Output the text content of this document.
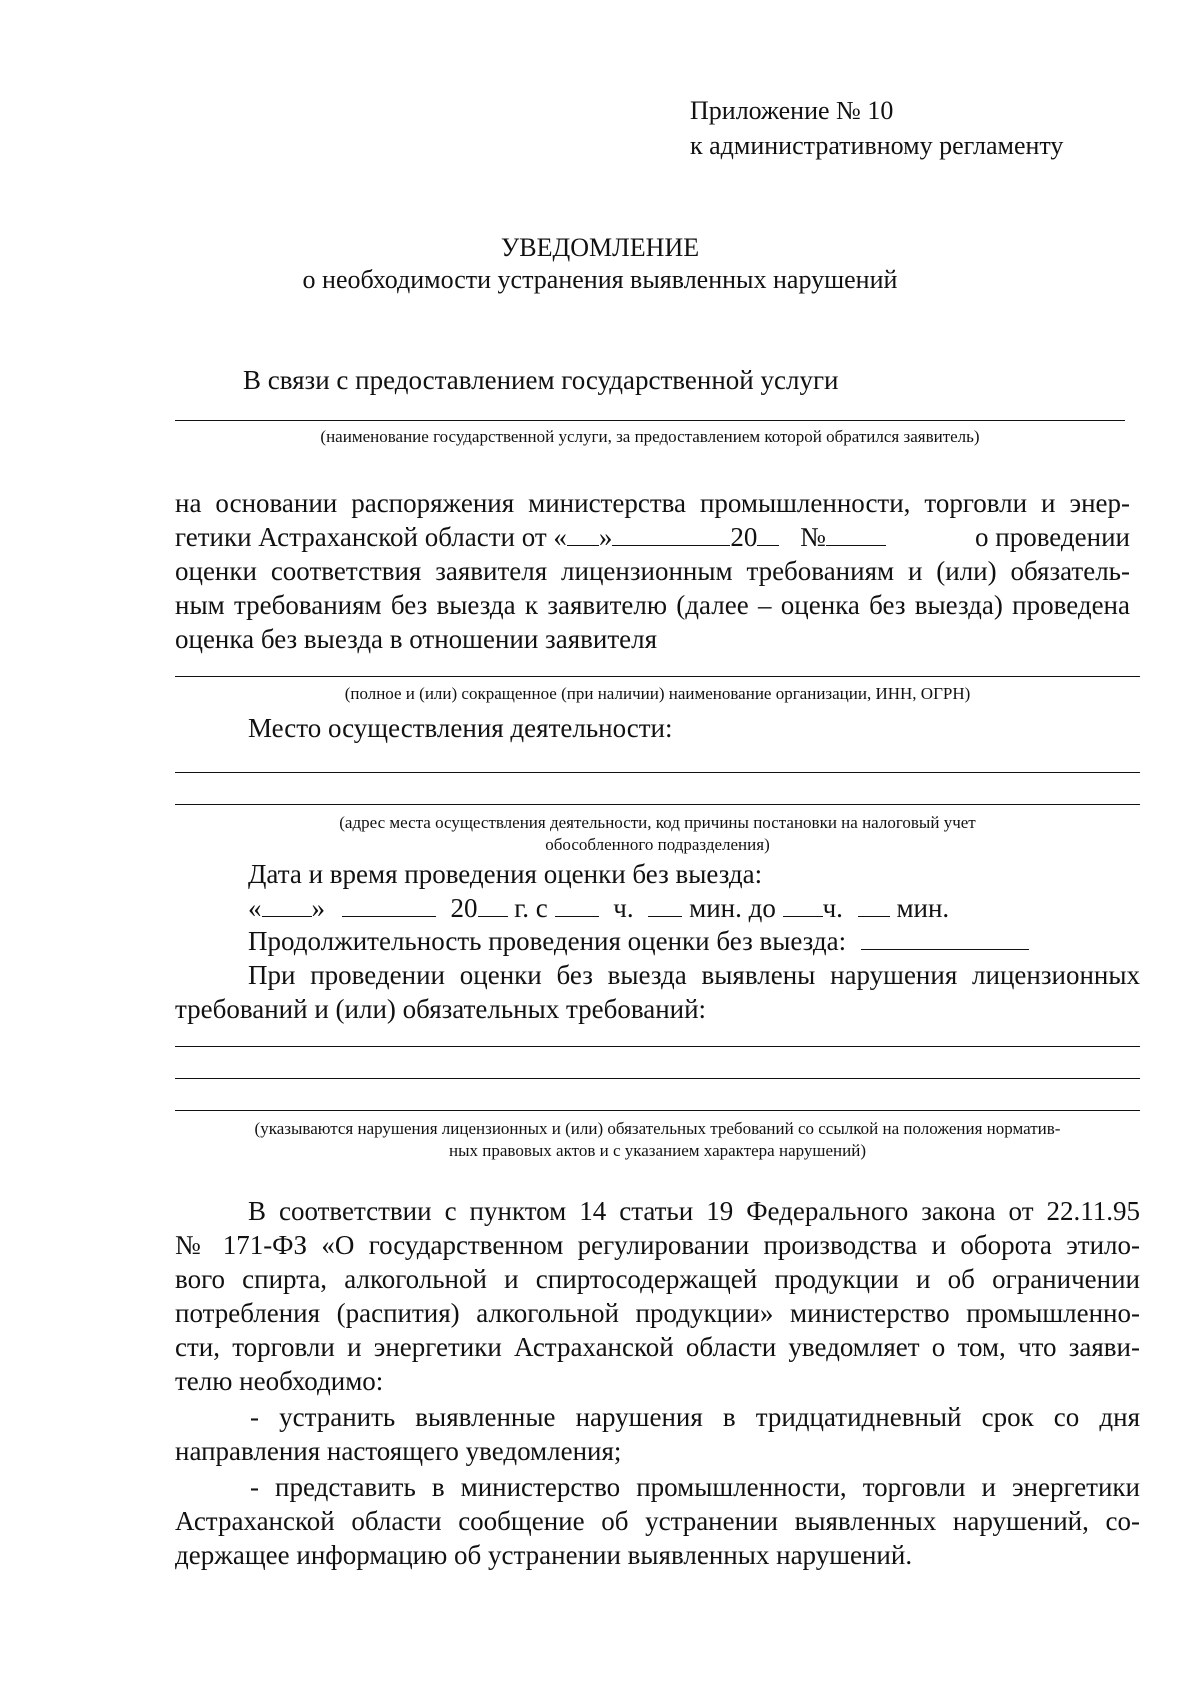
Приложение № 10
к административному регламенту
УВЕДОМЛЕНИЕ
о необходимости устранения выявленных нарушений
В связи с предоставлением государственной услуги
(наименование государственной услуги, за предоставлением которой обратился заявитель)
на основании распоряжения министерства промышленности, торговли и энер-
гетики Астраханской области от « »	20 №	о проведении
оценки соответствия заявителя лицензионным требованиям и (или) обязатель-
ным требованиям без выезда к заявителю (далее – оценка без выезда) проведена
оценка без выезда в отношении заявителя
(полное и (или) сокращенное (при наличии) наименование организации, ИНН, ОГРН)
Место осуществления деятельности:
(адрес места осуществления деятельности, код причины постановки на налоговый учет
обособленного подразделения)
Дата и время проведения оценки без выезда:
« »	20 г. с ч. мин. до ч. мин.
Продолжительность проведения оценки без выезда:
При проведении оценки без выезда выявлены нарушения лицензионных
требований и (или) обязательных требований:
(указываются нарушения лицензионных и (или) обязательных требований со ссылкой на положения норматив-
ных правовых актов и с указанием характера нарушений)
В соответствии с пунктом 14 статьи 19 Федерального закона от 22.11.95
№ 171-ФЗ «О государственном регулировании производства и оборота этило-
вого спирта, алкогольной и спиртосодержащей продукции и об ограничении
потребления (распития) алкогольной продукции» министерство промышленно-
сти, торговли и энергетики Астраханской области уведомляет о том, что заяви-
телю необходимо:
- устранить выявленные нарушения в тридцатидневный срок со дня
направления настоящего уведомления;
- представить в министерство промышленности, торговли и энергетики
Астраханской области сообщение об устранении выявленных нарушений, со-
держащее информацию об устранении выявленных нарушений.
